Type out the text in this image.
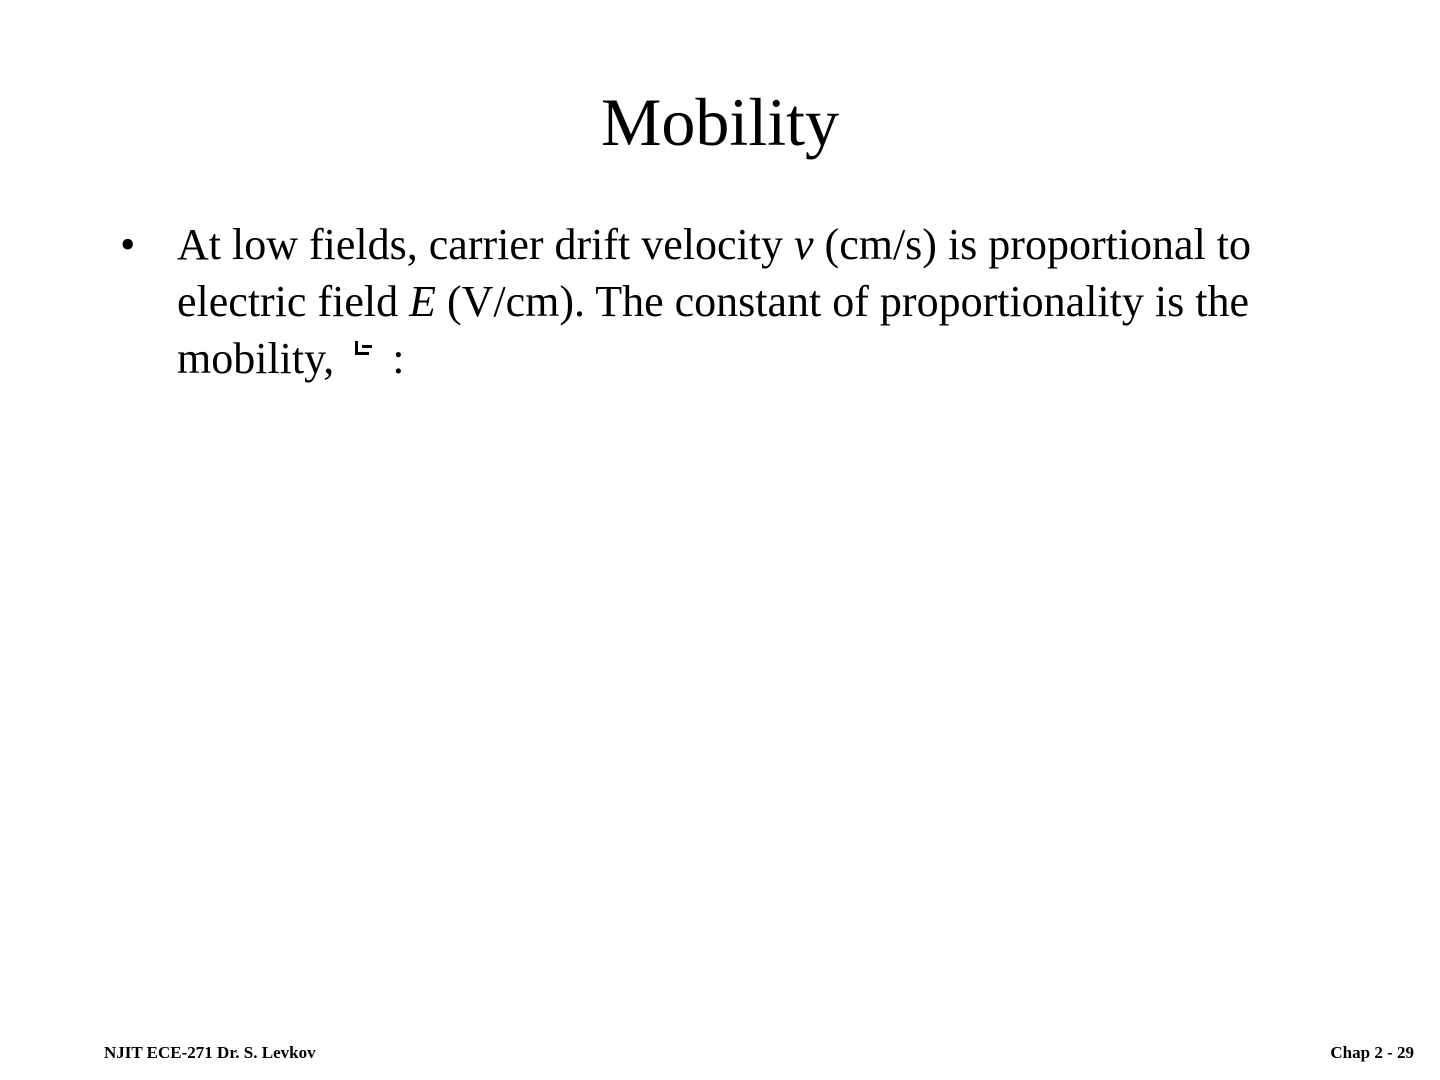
Mobility
• At low fields, carrier drift velocity v (cm/s) is proportional to electric field E (V/cm). The constant of proportionality is the mobility,
:
NJIT ECE-271 Dr. S. Levkov	Chap 2 - 29
